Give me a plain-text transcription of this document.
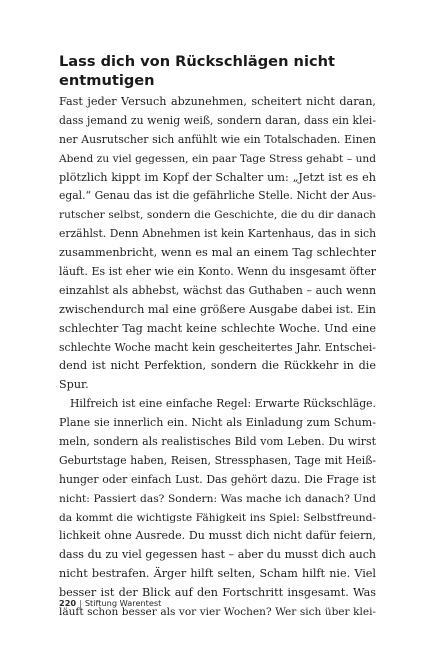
Lass dich von Rückschlägen nicht
entmutigen
Fast jeder Versuch abzunehmen, scheitert nicht daran,
dass jemand zu wenig weiß, sondern daran, dass ein klei-
ner Ausrutscher sich anfühlt wie ein Totalschaden. Einen
Abend zu viel gegessen, ein paar Tage Stress gehabt – und
plötzlich kippt im Kopf der Schalter um: „Jetzt ist es eh
egal.“ Genau das ist die gefährliche Stelle. Nicht der Aus-
rutscher selbst, sondern die Geschichte, die du dir danach
erzählst. Denn Abnehmen ist kein Kartenhaus, das in sich
zusammenbricht, wenn es mal an einem Tag schlechter
läuft. Es ist eher wie ein Konto. Wenn du insgesamt öfter
einzahlst als abhebst, wächst das Guthaben – auch wenn
zwischendurch mal eine größere Ausgabe dabei ist. Ein
schlechter Tag macht keine schlechte Woche. Und eine
schlechte Woche macht kein gescheitertes Jahr. Entschei-
dend ist nicht Perfektion, sondern die Rückkehr in die
Spur.
Hilfreich ist eine einfache Regel: Erwarte Rückschläge.
Plane sie innerlich ein. Nicht als Einladung zum Schum-
meln, sondern als realistisches Bild vom Leben. Du wirst
Geburtstage haben, Reisen, Stressphasen, Tage mit Heiß-
hunger oder einfach Lust. Das gehört dazu. Die Frage ist
nicht: Passiert das? Sondern: Was mache ich danach? Und
da kommt die wichtigste Fähigkeit ins Spiel: Selbstfreund-
lichkeit ohne Ausrede. Du musst dich nicht dafür feiern,
dass du zu viel gegessen hast – aber du musst dich auch
nicht bestrafen. Ärger hilft selten, Scham hilft nie. Viel
besser ist der Blick auf den Fortschritt insgesamt. Was
läuft schon besser als vor vier Wochen? Wer sich über klei-
220 | Stiftung Warentest
